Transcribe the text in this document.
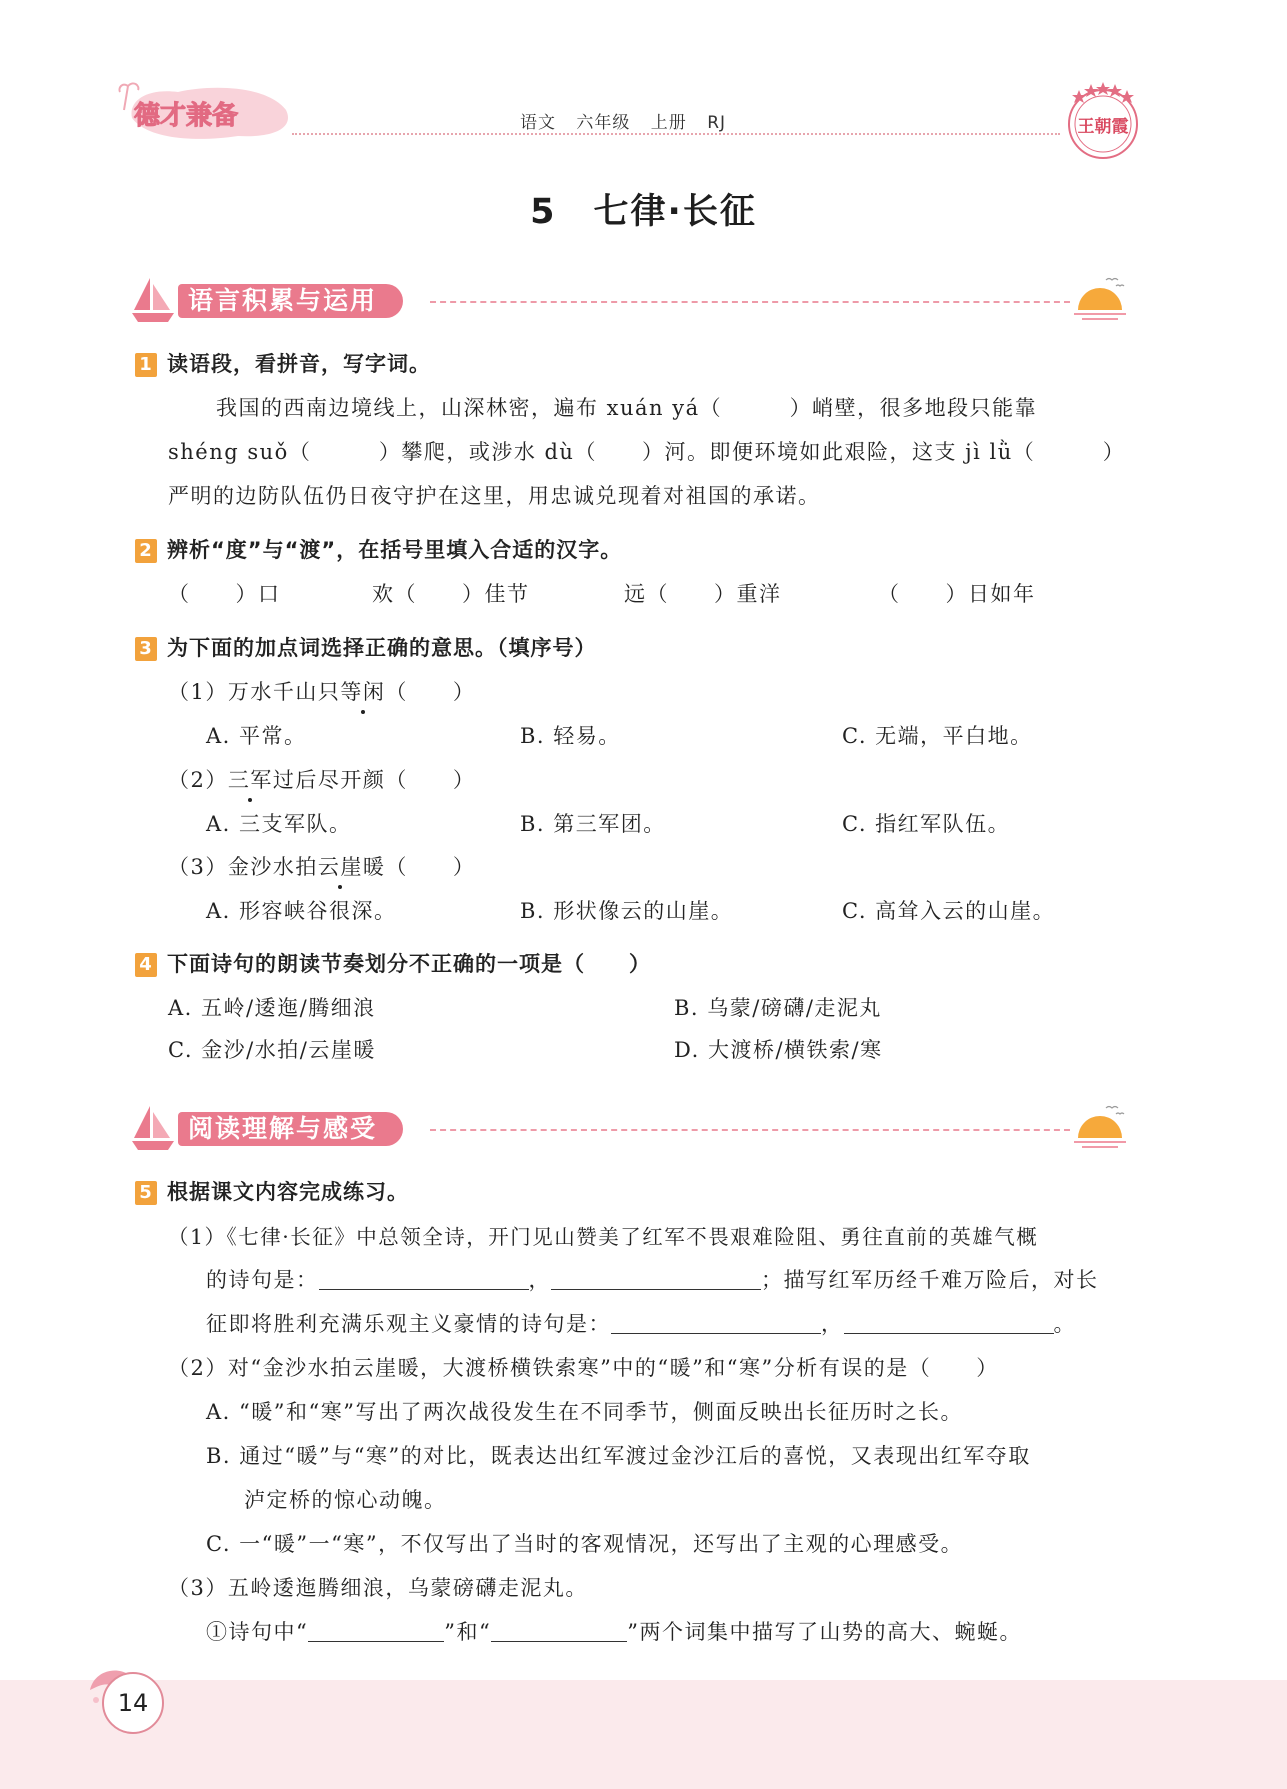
德才兼备	语文 六年级 上册 RJ	王朝霞
5　七律·长征
语言积累与运用
1 读语段，看拼音，写字词。
我国的西南边境线上，山深林密，遍布 xuán yá（　　　）峭壁，很多地段只能靠
shéng suǒ（　　　）攀爬，或涉水 dù（　　）河。即便环境如此艰险，这支 jì lǜ（　　　）
严明的边防队伍仍日夜守护在这里，用忠诚兑现着对祖国的承诺。
2 辨析“度”与“渡”，在括号里填入合适的汉字。
（　　）口	欢（　　）佳节	远（　　）重洋	（　　）日如年
3 为下面的加点词选择正确的意思。（填序号）
（1）万水千山只等闲（　　）
A. 平常。	B. 轻易。	C. 无端，平白地。
（2）三军过后尽开颜（　　）
A. 三支军队。	B. 第三军团。	C. 指红军队伍。
（3）金沙水拍云崖暖（　　）
A. 形容峡谷很深。	B. 形状像云的山崖。	C. 高耸入云的山崖。
4 下面诗句的朗读节奏划分不正确的一项是（　　）
A. 五岭/逶迤/腾细浪	B. 乌蒙/磅礴/走泥丸
C. 金沙/水拍/云崖暖	D. 大渡桥/横铁索/寒
阅读理解与感受
5 根据课文内容完成练习。
（1）《七律·长征》中总领全诗，开门见山赞美了红军不畏艰难险阻、勇往直前的英雄气概
的诗句是：	，	；描写红军历经千难万险后，对长
征即将胜利充满乐观主义豪情的诗句是：	，	。
（2）对“金沙水拍云崖暖，大渡桥横铁索寒”中的“暖”和“寒”分析有误的是（　　）
A. “暖”和“寒”写出了两次战役发生在不同季节，侧面反映出长征历时之长。
B. 通过“暖”与“寒”的对比，既表达出红军渡过金沙江后的喜悦，又表现出红军夺取
泸定桥的惊心动魄。
C. 一“暖”一“寒”，不仅写出了当时的客观情况，还写出了主观的心理感受。
（3）五岭逶迤腾细浪，乌蒙磅礴走泥丸。
①诗句中“	”和“	”两个词集中描写了山势的高大、蜿蜒。
14
